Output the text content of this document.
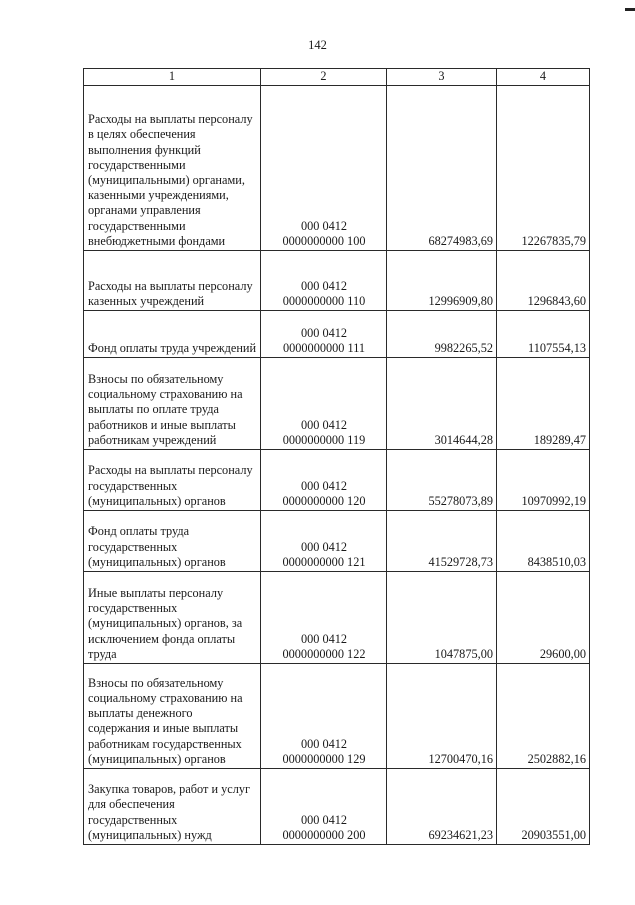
142
1	2	3	4

Расходы на выплаты персоналу в целях обеспечения выполнения функций государственными (муниципальными) органами, казенными учреждениями, органами управления государственными внебюджетными фондами	000 0412
0000000000 100	68274983,69	12267835,79

Расходы на выплаты персоналу казенных учреждений	000 0412
0000000000 110	12996909,80	1296843,60

Фонд оплаты труда учреждений	000 0412
0000000000 111	9982265,52	1107554,13

Взносы по обязательному социальному страхованию на выплаты по оплате труда работников и иные выплаты работникам учреждений	000 0412
0000000000 119	3014644,28	189289,47

Расходы на выплаты персоналу государственных (муниципальных) органов	000 0412
0000000000 120	55278073,89	10970992,19

Фонд оплаты труда государственных (муниципальных) органов	000 0412
0000000000 121	41529728,73	8438510,03

Иные выплаты персоналу государственных (муниципальных) органов, за исключением фонда оплаты труда	000 0412
0000000000 122	1047875,00	29600,00

Взносы по обязательному социальному страхованию на выплаты денежного содержания и иные выплаты работникам государственных (муниципальных) органов	000 0412
0000000000 129	12700470,16	2502882,16

Закупка товаров, работ и услуг для обеспечения государственных (муниципальных) нужд	000 0412
0000000000 200	69234621,23	20903551,00
